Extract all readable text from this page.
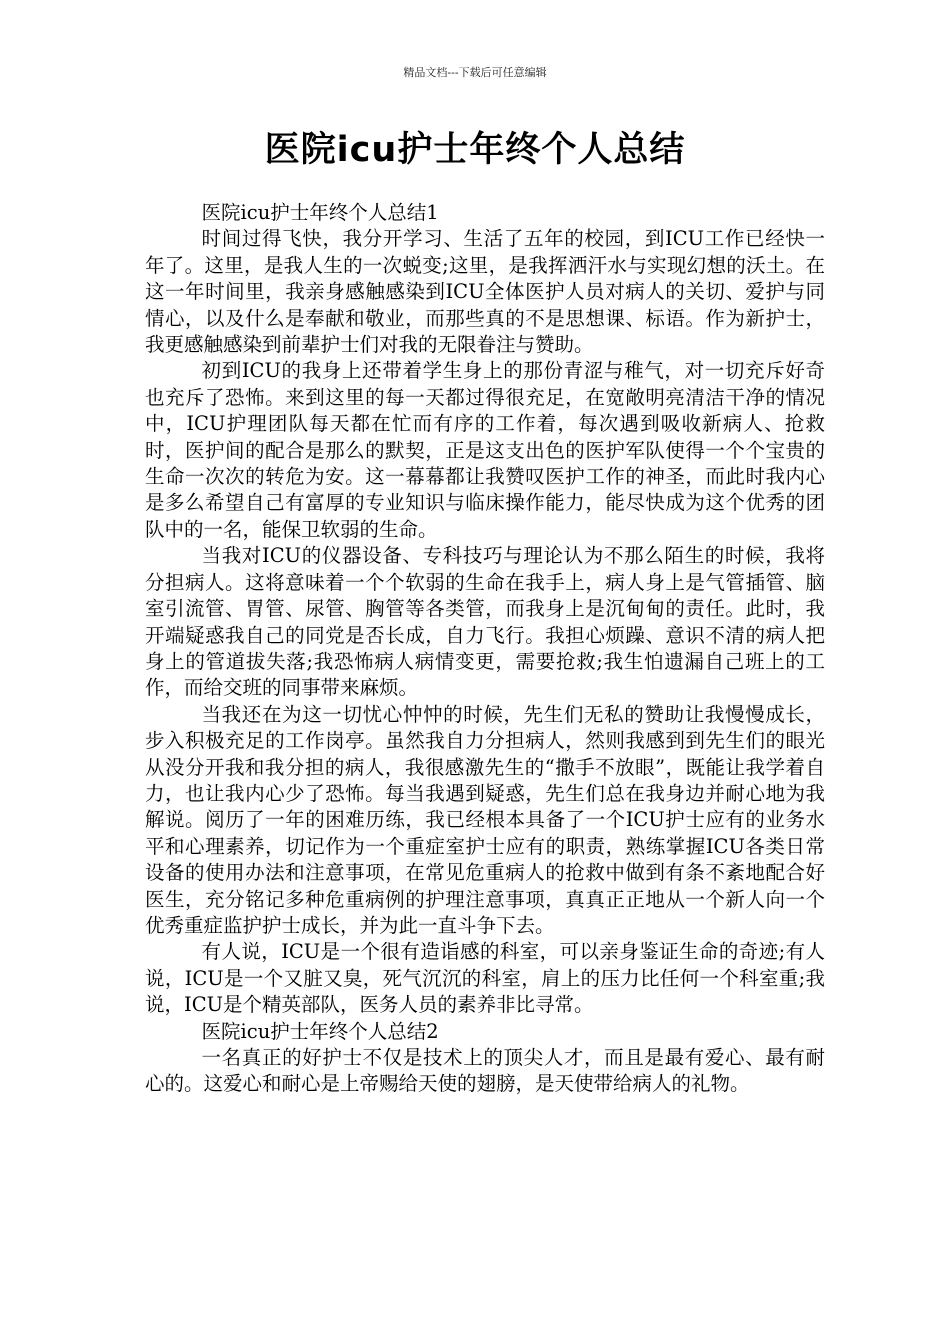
精品文档---下载后可任意编辑
医院icu护士年终个人总结

医院icu护士年终个人总结1

时间过得飞快，我分开学习、生活了五年的校园，到ICU工作已经快一年了。这里，是我人生的一次蜕变;这里，是我挥洒汗水与实现幻想的沃土。在这一年时间里，我亲身感触感染到ICU全体医护人员对病人的关切、爱护与同情心，以及什么是奉献和敬业，而那些真的不是思想课、标语。作为新护士，我更感触感染到前辈护士们对我的无限眷注与赞助。

初到ICU的我身上还带着学生身上的那份青涩与稚气，对一切充斥好奇也充斥了恐怖。来到这里的每一天都过得很充足，在宽敞明亮清洁干净的情况中，ICU护理团队每天都在忙而有序的工作着，每次遇到吸收新病人、抢救时，医护间的配合是那么的默契，正是这支出色的医护军队使得一个个宝贵的生命一次次的转危为安。这一幕幕都让我赞叹医护工作的神圣，而此时我内心是多么希望自己有富厚的专业知识与临床操作能力，能尽快成为这个优秀的团队中的一名，能保卫软弱的生命。

当我对ICU的仪器设备、专科技巧与理论认为不那么陌生的时候，我将分担病人。这将意味着一个个软弱的生命在我手上，病人身上是气管插管、脑室引流管、胃管、尿管、胸管等各类管，而我身上是沉甸甸的责任。此时，我开端疑惑我自己的同党是否长成，自力飞行。我担心烦躁、意识不清的病人把身上的管道拔失落;我恐怖病人病情变更，需要抢救;我生怕遗漏自己班上的工作，而给交班的同事带来麻烦。

当我还在为这一切忧心忡忡的时候，先生们无私的赞助让我慢慢成长，步入积极充足的工作岗亭。虽然我自力分担病人，然则我感到到先生们的眼光从没分开我和我分担的病人，我很感激先生的“撒手不放眼”，既能让我学着自力，也让我内心少了恐怖。每当我遇到疑惑，先生们总在我身边并耐心地为我解说。阅历了一年的困难历练，我已经根本具备了一个ICU护士应有的业务水平和心理素养，切记作为一个重症室护士应有的职责，熟练掌握ICU各类日常设备的使用办法和注意事项，在常见危重病人的抢救中做到有条不紊地配合好医生，充分铭记多种危重病例的护理注意事项，真真正正地从一个新人向一个优秀重症监护护士成长，并为此一直斗争下去。

有人说，ICU是一个很有造诣感的科室，可以亲身鉴证生命的奇迹;有人说，ICU是一个又脏又臭，死气沉沉的科室，肩上的压力比任何一个科室重;我说，ICU是个精英部队，医务人员的素养非比寻常。

医院icu护士年终个人总结2

一名真正的好护士不仅是技术上的顶尖人才，而且是最有爱心、最有耐心的。这爱心和耐心是上帝赐给天使的翅膀，是天使带给病人的礼物。
